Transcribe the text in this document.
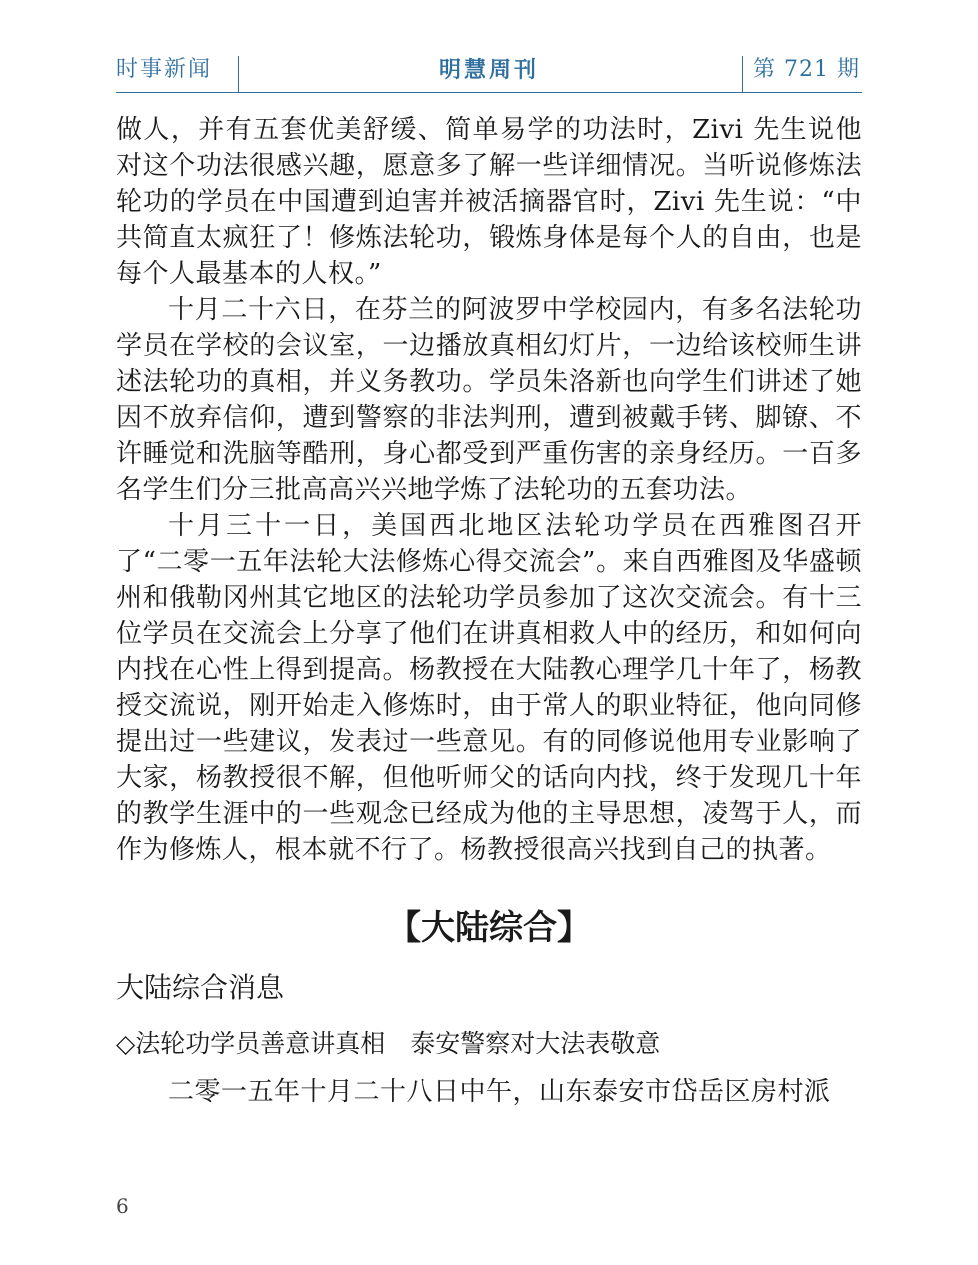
时事新闻	明慧周刊	第 721 期

做人，并有五套优美舒缓、简单易学的功法时，Zivi 先生说他对这个功法很感兴趣，愿意多了解一些详细情况。当听说修炼法轮功的学员在中国遭到迫害并被活摘器官时，Zivi 先生说：“中共简直太疯狂了！修炼法轮功，锻炼身体是每个人的自由，也是每个人最基本的人权。”

十月二十六日，在芬兰的阿波罗中学校园内，有多名法轮功学员在学校的会议室，一边播放真相幻灯片，一边给该校师生讲述法轮功的真相，并义务教功。学员朱洛新也向学生们讲述了她因不放弃信仰，遭到警察的非法判刑，遭到被戴手铐、脚镣、不许睡觉和洗脑等酷刑，身心都受到严重伤害的亲身经历。一百多名学生们分三批高高兴兴地学炼了法轮功的五套功法。

十月三十一日，美国西北地区法轮功学员在西雅图召开了“二零一五年法轮大法修炼心得交流会”。来自西雅图及华盛顿州和俄勒冈州其它地区的法轮功学员参加了这次交流会。有十三位学员在交流会上分享了他们在讲真相救人中的经历，和如何向内找在心性上得到提高。杨教授在大陆教心理学几十年了，杨教授交流说，刚开始走入修炼时，由于常人的职业特征，他向同修提出过一些建议，发表过一些意见。有的同修说他用专业影响了大家，杨教授很不解，但他听师父的话向内找，终于发现几十年的教学生涯中的一些观念已经成为他的主导思想，凌驾于人，而作为修炼人，根本就不行了。杨教授很高兴找到自己的执著。

【大陆综合】
大陆综合消息
◇法轮功学员善意讲真相　泰安警察对大法表敬意

二零一五年十月二十八日中午，山东泰安市岱岳区房村派

6
